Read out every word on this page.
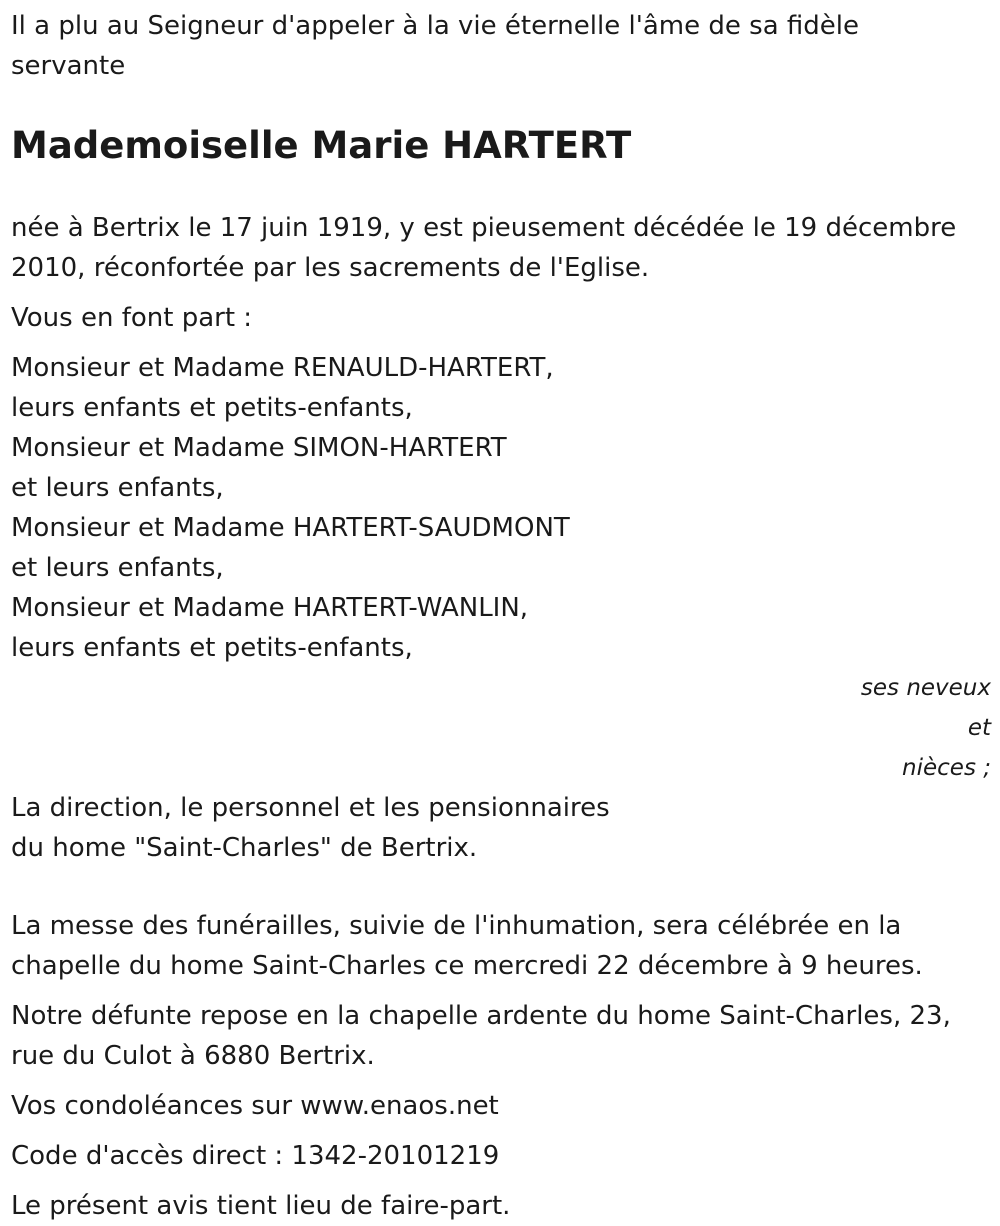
Il a plu au Seigneur d'appeler à la vie éternelle l'âme de sa fidèle
servante

Mademoiselle Marie HARTERT

née à Bertrix le 17 juin 1919, y est pieusement décédée le 19 décembre
2010, réconfortée par les sacrements de l'Eglise.

Vous en font part :

Monsieur et Madame RENAULD-HARTERT,
leurs enfants et petits-enfants,
Monsieur et Madame SIMON-HARTERT
et leurs enfants,
Monsieur et Madame HARTERT-SAUDMONT
et leurs enfants,
Monsieur et Madame HARTERT-WANLIN,
leurs enfants et petits-enfants,

ses neveux et
nièces ;

La direction, le personnel et les pensionnaires
du home "Saint-Charles" de Bertrix.

La messe des funérailles, suivie de l'inhumation, sera célébrée en la
chapelle du home Saint-Charles ce mercredi 22 décembre à 9 heures.

Notre défunte repose en la chapelle ardente du home Saint-Charles, 23,
rue du Culot à 6880 Bertrix.

Vos condoléances sur www.enaos.net

Code d'accès direct : 1342-20101219

Le présent avis tient lieu de faire-part.
